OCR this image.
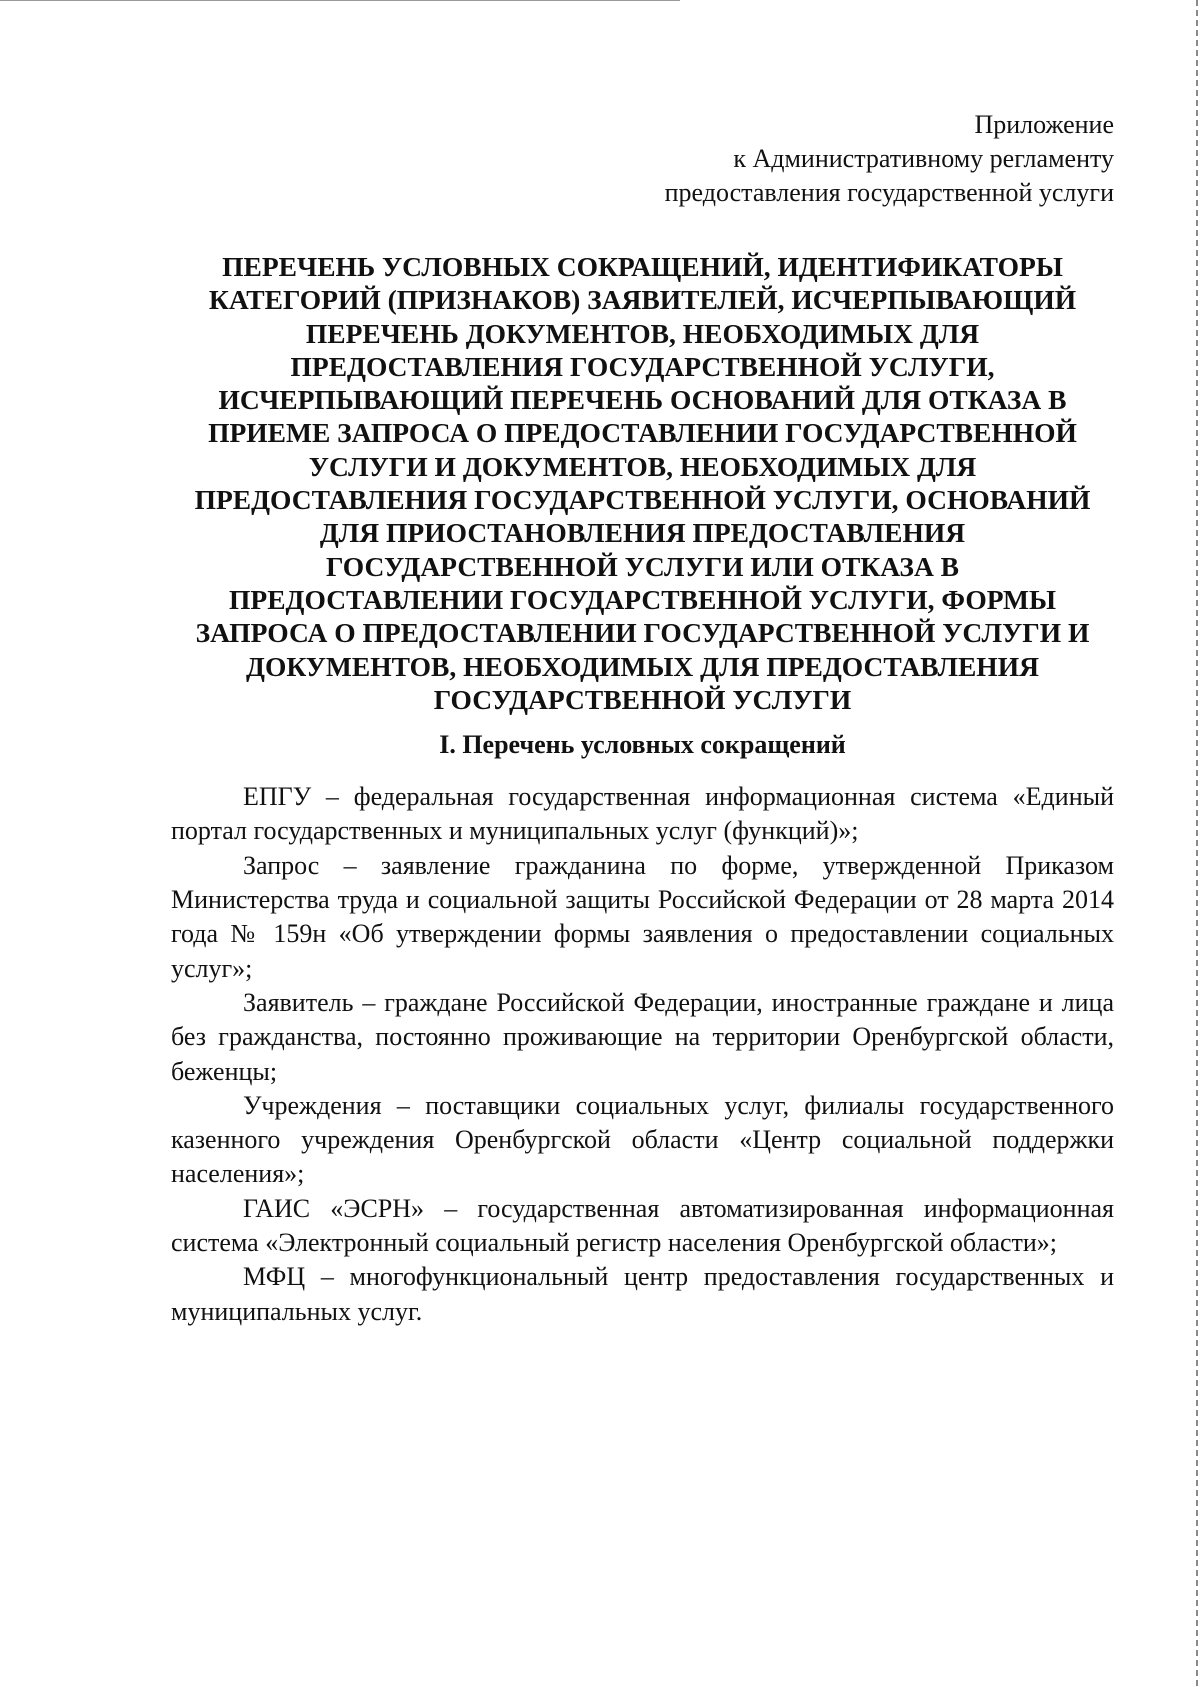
Приложение
к Административному регламенту
предоставления государственной услуги
ПЕРЕЧЕНЬ УСЛОВНЫХ СОКРАЩЕНИЙ, ИДЕНТИФИКАТОРЫ
КАТЕГОРИЙ (ПРИЗНАКОВ) ЗАЯВИТЕЛЕЙ, ИСЧЕРПЫВАЮЩИЙ
ПЕРЕЧЕНЬ ДОКУМЕНТОВ, НЕОБХОДИМЫХ ДЛЯ
ПРЕДОСТАВЛЕНИЯ ГОСУДАРСТВЕННОЙ УСЛУГИ,
ИСЧЕРПЫВАЮЩИЙ ПЕРЕЧЕНЬ ОСНОВАНИЙ ДЛЯ ОТКАЗА В
ПРИЕМЕ ЗАПРОСА О ПРЕДОСТАВЛЕНИИ ГОСУДАРСТВЕННОЙ
УСЛУГИ И ДОКУМЕНТОВ, НЕОБХОДИМЫХ ДЛЯ
ПРЕДОСТАВЛЕНИЯ ГОСУДАРСТВЕННОЙ УСЛУГИ, ОСНОВАНИЙ
ДЛЯ ПРИОСТАНОВЛЕНИЯ ПРЕДОСТАВЛЕНИЯ
ГОСУДАРСТВЕННОЙ УСЛУГИ ИЛИ ОТКАЗА В
ПРЕДОСТАВЛЕНИИ ГОСУДАРСТВЕННОЙ УСЛУГИ, ФОРМЫ
ЗАПРОСА О ПРЕДОСТАВЛЕНИИ ГОСУДАРСТВЕННОЙ УСЛУГИ И
ДОКУМЕНТОВ, НЕОБХОДИМЫХ ДЛЯ ПРЕДОСТАВЛЕНИЯ
ГОСУДАРСТВЕННОЙ УСЛУГИ
I. Перечень условных сокращений

ЕПГУ – федеральная государственная информационная система «Единый портал государственных и муниципальных услуг (функций)»;

Запрос – заявление гражданина по форме, утвержденной Приказом Министерства труда и социальной защиты Российской Федерации от 28 марта 2014 года № 159н «Об утверждении формы заявления о предоставлении социальных услуг»;

Заявитель – граждане Российской Федерации, иностранные граждане и лица без гражданства, постоянно проживающие на территории Оренбургской области, беженцы;

Учреждения – поставщики социальных услуг, филиалы государственного казенного учреждения Оренбургской области «Центр социальной поддержки населения»;

ГАИС «ЭСРН» – государственная автоматизированная информационная система «Электронный социальный регистр населения Оренбургской области»;

МФЦ – многофункциональный центр предоставления государственных и муниципальных услуг.
